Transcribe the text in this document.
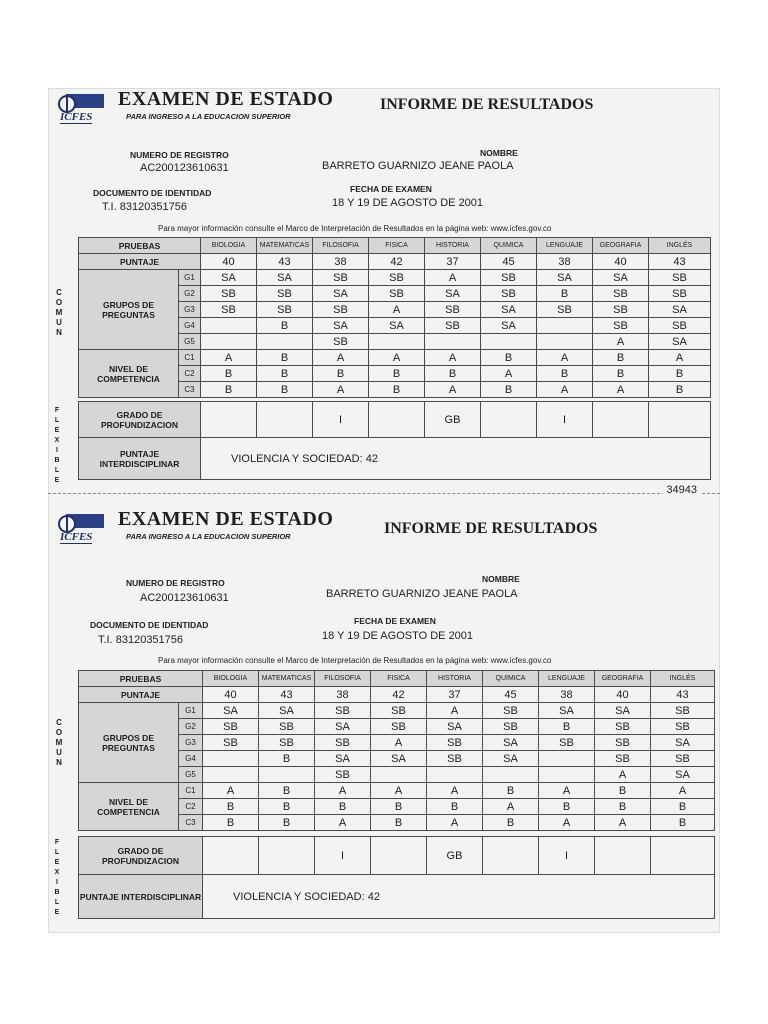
ICFES
EXAMEN DE ESTADO
PARA INGRESO A LA EDUCACION SUPERIOR
INFORME DE RESULTADOS
NUMERO DE REGISTRO
AC200123610631
NOMBRE
BARRETO GUARNIZO JEANE PAOLA
DOCUMENTO DE IDENTIDAD
T.I. 83120351756
FECHA DE EXAMEN
18 Y 19 DE AGOSTO DE 2001
Para mayor información consulte el Marco de Interpretación de Resultados en la página web: www.icfes.gov.co
PRUEBAS		BIOLOGIA	MATEMATICAS	FILOSOFIA	FISICA	HISTORIA	QUIMICA	LENGUAJE	GEOGRAFIA	INGLÉS
PUNTAJE		40	43	38	42	37	45	38	40	43
GRUPOS DE PREGUNTAS	G1	SA	SA	SB	SB	A	SB	SA	SA	SB
	G2	SB	SB	SA	SB	SA	SB	B	SB	SB
	G3	SB	SB	SB	A	SB	SA	SB	SB	SA
	G4		B	SA	SA	SB	SA		SB	SB
	G5			SB					A	SA
NIVEL DE COMPETENCIA	C1	A	B	A	A	A	B	A	B	A
	C2	B	B	B	B	B	A	B	B	B
	C3	B	B	A	B	A	B	A	A	B
GRADO DE PROFUNDIZACION			I		GB		I		
PUNTAJE INTERDISCIPLINAR	VIOLENCIA Y SOCIEDAD: 42								
C
O
M
U
N
F
L
E
X
I
B
L
E
34943
ICFES
EXAMEN DE ESTADO
PARA INGRESO A LA EDUCACION SUPERIOR	INFORME DE RESULTADOS
NUMERO DE REGISTRO
AC200123610631
NOMBRE
BARRETO GUARNIZO JEANE PAOLA
DOCUMENTO DE IDENTIDAD
T.I. 83120351756
FECHA DE EXAMEN
18 Y 19 DE AGOSTO DE 2001
Para mayor información consulte el Marco de Interpretación de Resultados en la página web: www.icfes.gov.co
PRUEBAS		BIOLOGIA	MATEMATICAS	FILOSOFIA	FISICA	HISTORIA	QUIMICA	LENGUAJE	GEOGRAFIA	INGLÉS
PUNTAJE		40	43	38	42	37	45	38	40	43
GRUPOS DE PREGUNTAS	G1	SA	SA	SB	SB	A	SB	SA	SA	SB
	G2	SB	SB	SA	SB	SA	SB	B	SB	SB
	G3	SB	SB	SB	A	SB	SA	SB	SB	SA
	G4		B	SA	SA	SB	SA		SB	SB
	G5			SB					A	SA
NIVEL DE COMPETENCIA	C1	A	B	A	A	A	B	A	B	A
	C2	B	B	B	B	B	A	B	B	B
	C3	B	B	A	B	A	B	A	A	B
GRADO DE PROFUNDIZACION			I		GB		I		
PUNTAJE INTERDISCIPLINAR	VIOLENCIA Y SOCIEDAD: 42								
C
O
M
U
N
F
L
E
X
I
B
L
E
